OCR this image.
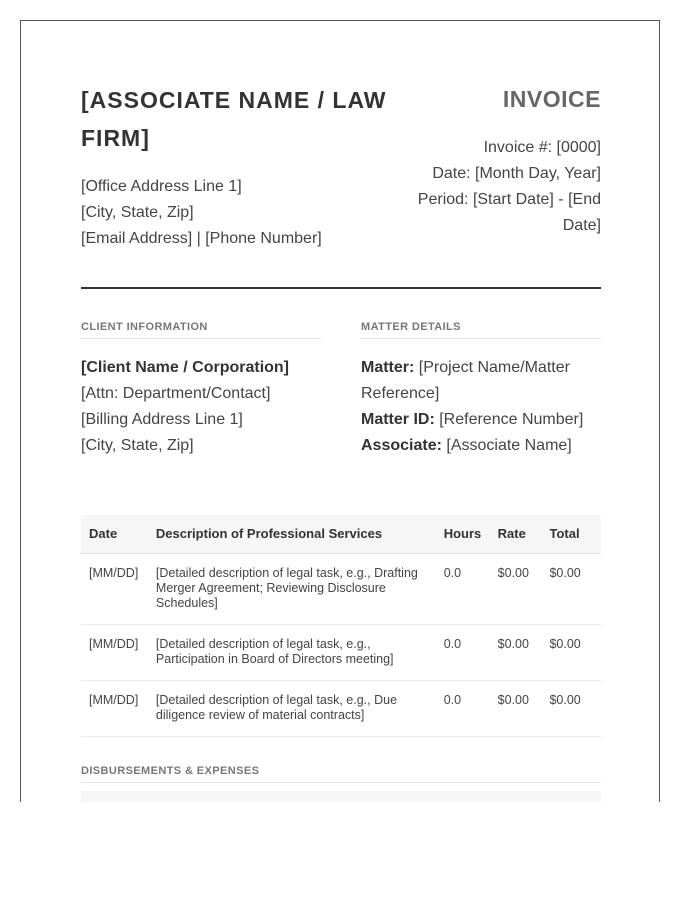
[ASSOCIATE NAME / LAW FIRM]
[Office Address Line 1]
[City, State, Zip]
[Email Address] | [Phone Number]
INVOICE
Invoice #: [0000]
Date: [Month Day, Year]
Period: [Start Date] - [End Date]
CLIENT INFORMATION	MATTER DETAILS
[Client Name / Corporation]
[Attn: Department/Contact]
[Billing Address Line 1]
[City, State, Zip]
Matter: [Project Name/Matter Reference]
Matter ID: [Reference Number]
Associate: [Associate Name]
Date	Description of Professional Services	Hours	Rate	Total
[MM/DD]	[Detailed description of legal task, e.g., Drafting Merger Agreement; Reviewing Disclosure Schedules]	0.0	$0.00	$0.00
[MM/DD]	[Detailed description of legal task, e.g., Participation in Board of Directors meeting]	0.0	$0.00	$0.00
[MM/DD]	[Detailed description of legal task, e.g., Due diligence review of material contracts]	0.0	$0.00	$0.00
DISBURSEMENTS & EXPENSES
